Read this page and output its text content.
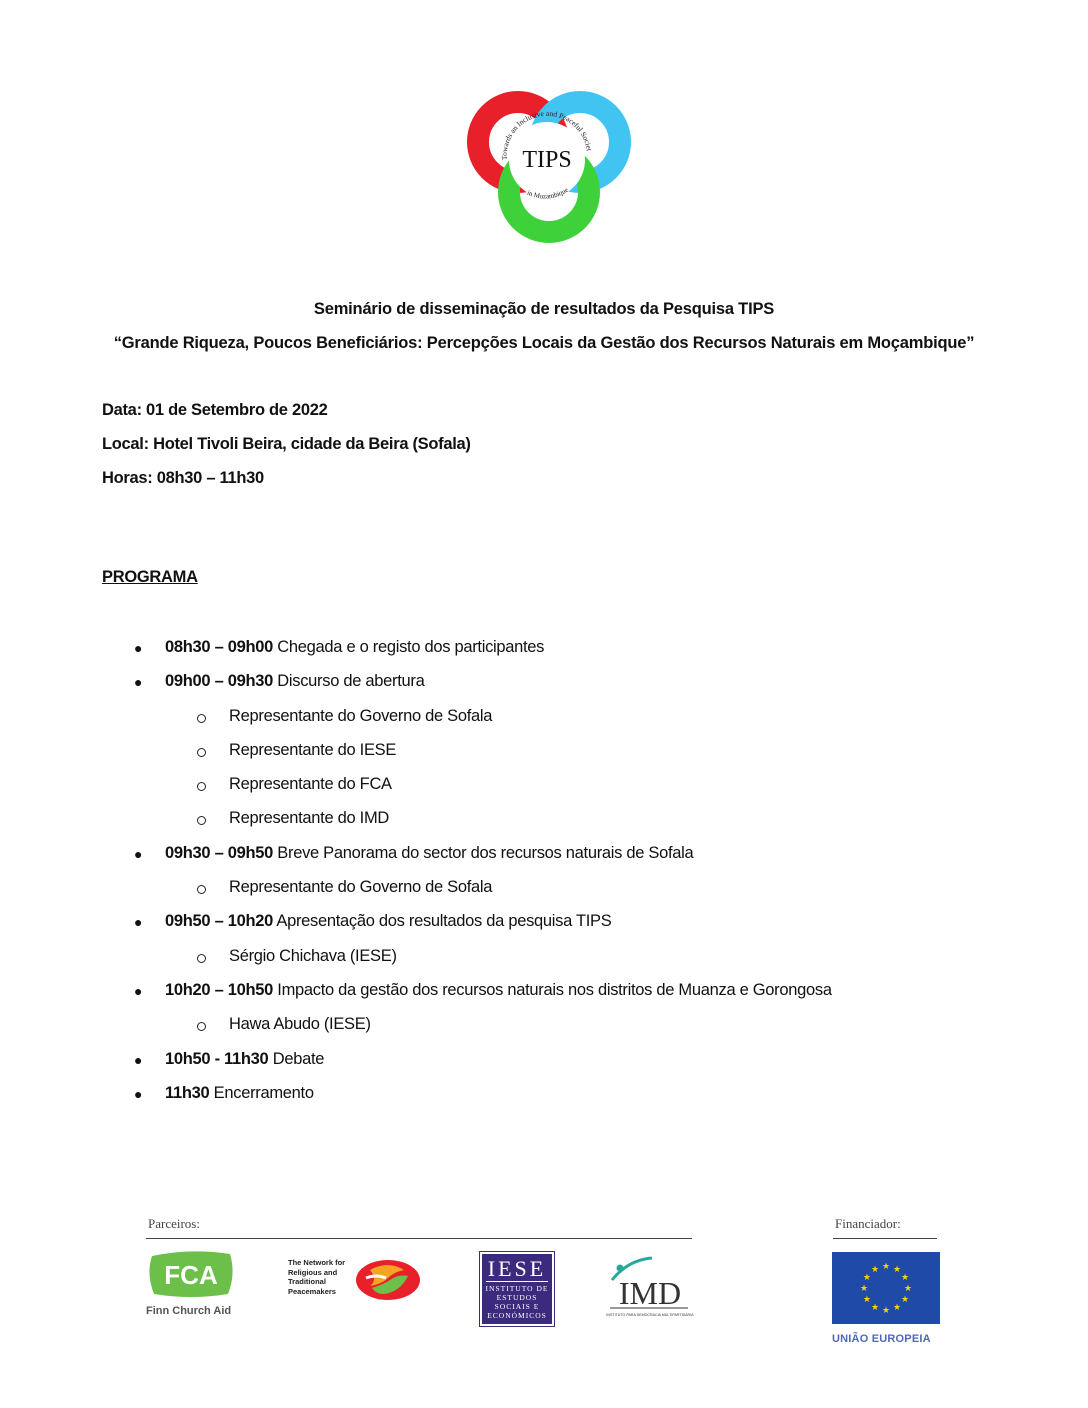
TIPS
Towards an Inclusive and Peaceful Societ
in Mozambique

Seminário de disseminação de resultados da Pesquisa TIPS

“Grande Riqueza, Poucos Beneficiários: Percepções Locais da Gestão dos Recursos Naturais em Moçambique”

Data: 01 de Setembro de 2022

Local: Hotel Tivoli Beira, cidade da Beira (Sofala)

Horas: 08h30 – 11h30

PROGRAMA
● 08h30 – 09h00 Chegada e o registo dos participantes
● 09h00 – 09h30 Discurso de abertura
Representante do Governo de Sofala
Representante do IESE
Representante do FCA
Representante do IMD
● 09h30 – 09h50 Breve Panorama do sector dos recursos naturais de Sofala
Representante do Governo de Sofala
● 09h50 – 10h20 Apresentação dos resultados da pesquisa TIPS
Sérgio Chichava (IESE)
● 10h20 – 10h50 Impacto da gestão dos recursos naturais nos distritos de Muanza e Gorongosa
Hawa Abudo (IESE)
● 10h50 - 11h30 Debate
● 11h30 Encerramento
Parceiros:	Financiador:
FCA
Finn Church Aid
The Network for
Religious and
Traditional
Peacemakers
IESE
INSTITUTO DE
ESTUDOS
SOCIAIS E
ECONÓMICOS
IMD
INSTITUTO PARA DEMOCRACIA MULTIPARTIDÁRIA
★ ★
★
★
★
★
★
★
★
★
★
★
UNIÃO EUROPEIA
